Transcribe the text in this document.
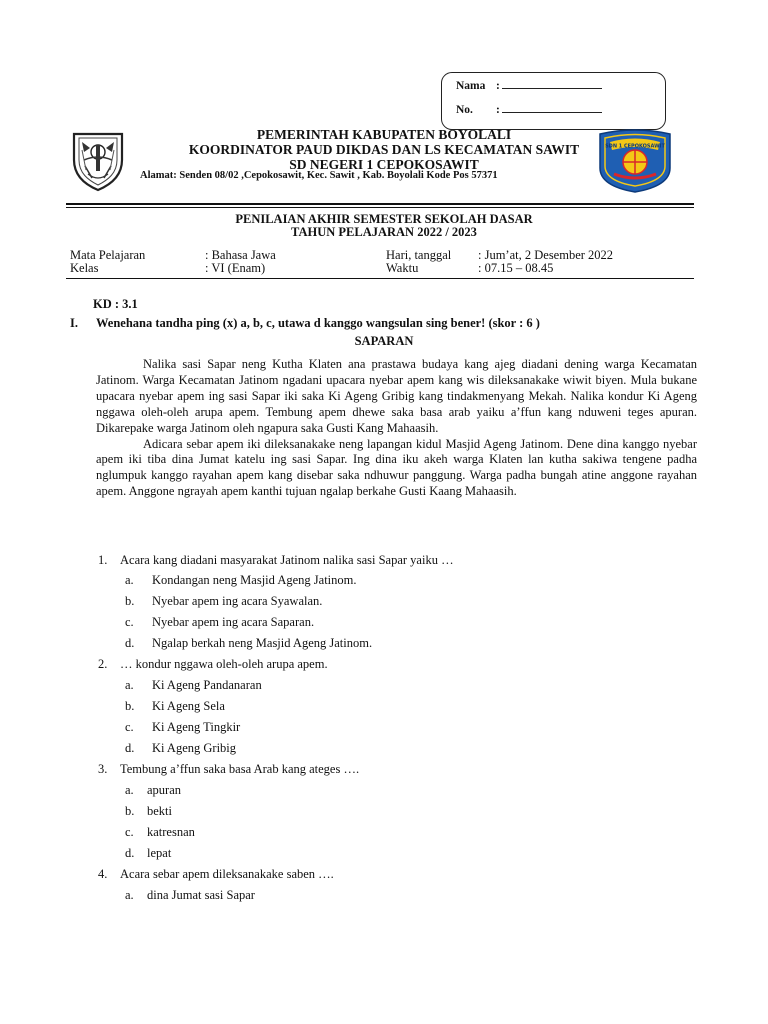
Nama :
No. :
SDN 1 CEPOKOSAWIT
PEMERINTAH KABUPATEN BOYOLALI
KOORDINATOR PAUD DIKDAS DAN LS KECAMATAN SAWIT
SD NEGERI 1 CEPOKOSAWIT
Alamat: Senden 08/02 ,Cepokosawit, Kec. Sawit , Kab. Boyolali Kode Pos 57371
PENILAIAN AKHIR SEMESTER SEKOLAH DASAR
TAHUN PELAJARAN 2022 / 2023
Mata Pelajaran	: Bahasa Jawa	Hari, tanggal : Jum’at, 2 Desember 2022
Kelas	: VI (Enam)	Waktu	: 07.15 – 08.45
KD : 3.1
I. Wenehana tandha ping (x) a, b, c, utawa d kanggo wangsulan sing bener! (skor : 6 )
SAPARAN

Nalika sasi Sapar neng Kutha Klaten ana prastawa budaya kang ajeg diadani dening warga Kecamatan Jatinom. Warga Kecamatan Jatinom ngadani upacara nyebar apem kang wis dileksanakake wiwit biyen. Mula bukane upacara nyebar apem ing sasi Sapar iki saka Ki Ageng Gribig kang tindakmenyang Mekah. Nalika kondur Ki Ageng nggawa oleh-oleh arupa apem. Tembung apem dhewe saka basa arab yaiku a’ffun kang nduweni teges apuran. Dikarepake warga Jatinom oleh ngapura saka Gusti Kang Mahaasih.

Adicara sebar apem iki dileksanakake neng lapangan kidul Masjid Ageng Jatinom. Dene dina kanggo nyebar apem iki tiba dina Jumat katelu ing sasi Sapar. Ing dina iku akeh warga Klaten lan kutha sakiwa tengene padha nglumpuk kanggo rayahan apem kang disebar saka ndhuwur panggung. Warga padha bungah atine anggone rayahan apem. Anggone ngrayah apem kanthi tujuan ngalap berkahe Gusti Kaang Mahaasih.

1. Acara kang diadani masyarakat Jatinom nalika sasi Sapar yaiku …
a. Kondangan neng Masjid Ageng Jatinom.
b. Nyebar apem ing acara Syawalan.
c. Nyebar apem ing acara Saparan.
d. Ngalap berkah neng Masjid Ageng Jatinom.
2. … kondur nggawa oleh-oleh arupa apem.
a. Ki Ageng Pandanaran
b. Ki Ageng Sela
c. Ki Ageng Tingkir
d. Ki Ageng Gribig
3. Tembung a’ffun saka basa Arab kang ateges ….
a. apuran
b. bekti
c. katresnan
d. lepat
4. Acara sebar apem dileksanakake saben ….
a. dina Jumat sasi Sapar
